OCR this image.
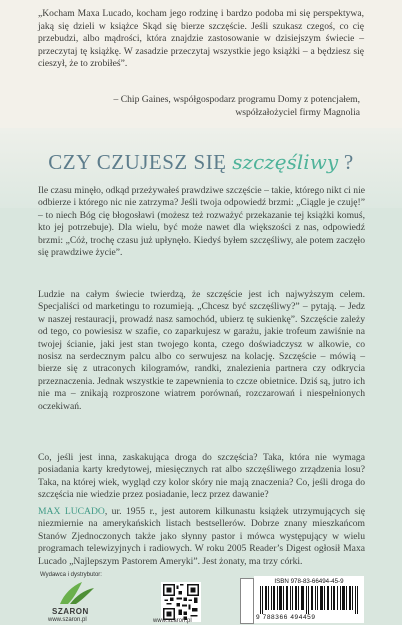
„Kocham Maxa Lucado, kocham jego rodzinę i bardzo podoba mi się perspektywa, jaką się dzieli w książce Skąd się bierze szczęście. Jeśli szukasz czegoś, co cię przebudzi, albo mądrości, która znajdzie zastosowanie w dzisiejszym świecie – przeczytaj tę książkę. W zasadzie przeczytaj wszystkie jego książki – a będziesz się cieszył, że to zrobiłeś”.

– Chip Gaines, współgospodarz programu Domy z potencjałem,
współzałożyciel firmy Magnolia
CZY CZUJESZ SIĘ szczęśliwy ?

Ile czasu minęło, odkąd przeżywałeś prawdziwe szczęście – takie, którego nikt ci nie odbierze i którego nic nie zatrzyma? Jeśli twoja odpowiedź brzmi: „Ciągle je czuję!” – to niech Bóg cię błogosławi (możesz też rozważyć przekazanie tej książki komuś, kto jej potrzebuje). Dla wielu, być może nawet dla większości z nas, odpowiedź brzmi: „Cóż, trochę czasu już upłynęło. Kiedyś byłem szczęśliwy, ale potem zaczęło się prawdziwe życie”.

Ludzie na całym świecie twierdzą, że szczęście jest ich najwyższym celem. Specjaliści od marketingu to rozumieją. „Chcesz być szczęśliwy?” – pytają. – Jedz w naszej restauracji, prowadź nasz samochód, ubierz tę sukienkę”. Szczęście zależy od tego, co powiesisz w szafie, co zaparkujesz w garażu, jakie trofeum zawiśnie na twojej ścianie, jaki jest stan twojego konta, czego doświadczysz w alkowie, co nosisz na serdecznym palcu albo co serwujesz na kolację. Szczęście – mówią – bierze się z utraconych kilogramów, randki, znalezienia partnera czy odkrycia przeznaczenia. Jednak wszystkie te zapewnienia to czcze obietnice. Dziś są, jutro ich nie ma – znikają rozproszone wiatrem porównań, rozczarowań i niespełnionych oczekiwań.

Co, jeśli jest inna, zaskakująca droga do szczęścia? Taka, która nie wymaga posiadania karty kredytowej, miesięcznych rat albo szczęśliwego zrządzenia losu? Taka, na której wiek, wygląd czy kolor skóry nie mają znaczenia? Co, jeśli droga do szczęścia nie wiedzie przez posiadanie, lecz przez dawanie?

MAX LUCADO, ur. 1955 r., jest autorem kilkunastu książek utrzymujących się niezmiernie na amerykańskich listach bestsellerów. Dobrze znany mieszkańcom Stanów Zjednoczonych także jako słynny pastor i mówca występujący w wielu programach telewizyjnych i radiowych. W roku 2005 Reader’s Digest ogłosił Maxa Lucado „Najlepszym Pastorem Ameryki”. Jest żonaty, ma trzy córki.

Wydawca i dystrybutor:
SZARON
www.szaron.pl	www.szaron.pl
ISBN 978-83-66494-45-9
9 788366 494459
